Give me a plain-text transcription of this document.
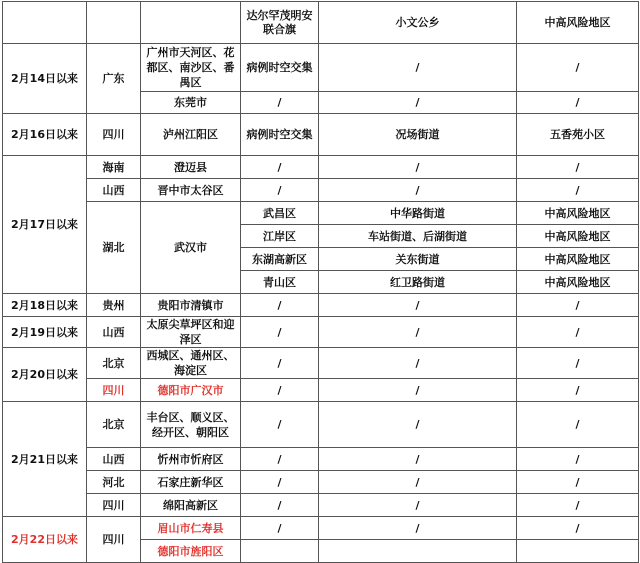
			达尔罕茂明安联合旗	小文公乡	中高风险地区
2月14日以来	广东	广州市天河区、花都区、南沙区、番禺区	病例时空交集	/	/
		东莞市	/	/	/
2月16日以来	四川	泸州江阳区	病例时空交集	况场街道	五香苑小区
2月17日以来	海南	澄迈县	/	/	/
	山西	晋中市太谷区	/	/	/
	湖北	武汉市	武昌区	中华路街道	中高风险地区
			江岸区	车站街道、后湖街道	中高风险地区
			东湖高新区	关东街道	中高风险地区
			青山区	红卫路街道	中高风险地区
2月18日以来	贵州	贵阳市清镇市	/	/	/
2月19日以来	山西	太原尖草坪区和迎泽区	/	/	/
2月20日以来	北京	西城区、通州区、海淀区	/	/	/
	四川	德阳市广汉市	/	/	/
2月21日以来	北京	丰台区、顺义区、经开区、朝阳区	/	/	/
	山西	忻州市忻府区	/	/	/
	河北	石家庄新华区	/	/	/
	四川	绵阳高新区	/	/	/
2月22日以来	四川	眉山市仁寿县	/	/	/
		德阳市旌阳区			
